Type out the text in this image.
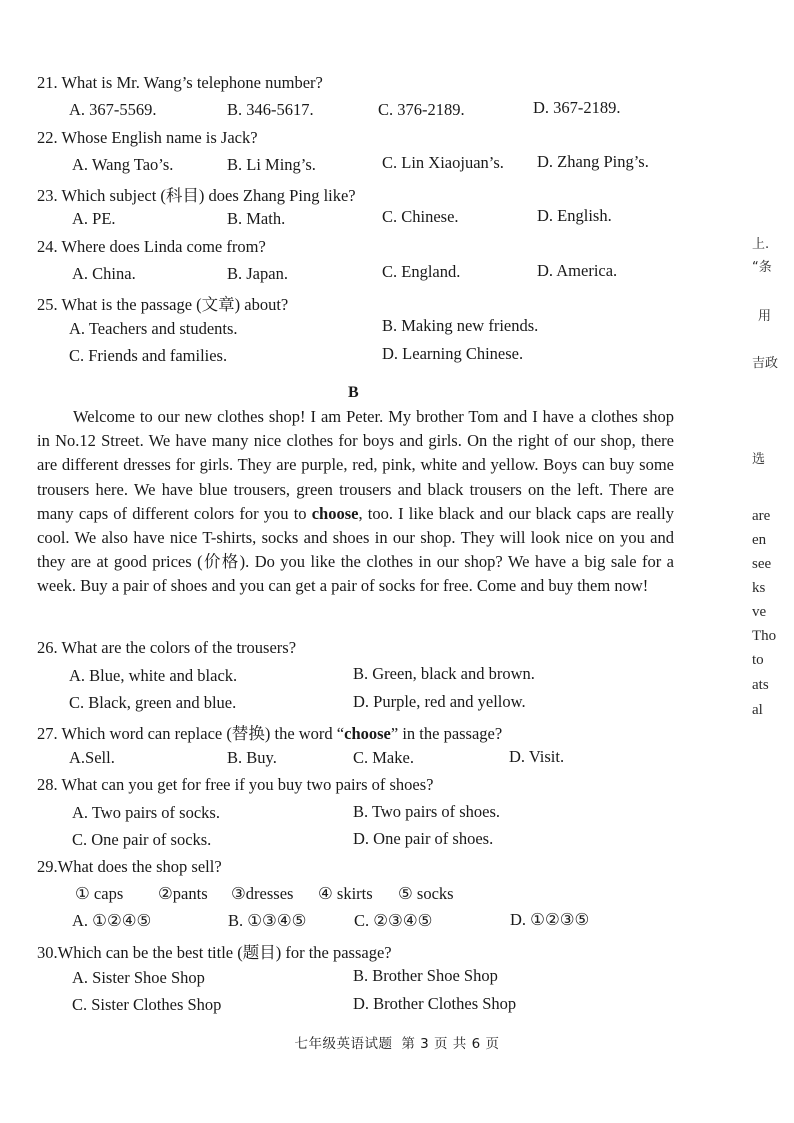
21. What is Mr. Wang’s telephone number?
A. 367-5569.	B. 346-5617.	C. 376-2189.	D. 367-2189.
22. Whose English name is Jack?
A. Wang Tao’s.	B. Li Ming’s.	C. Lin Xiaojuan’s. D. Zhang Ping’s.
23. Which subject (科目) does Zhang Ping like?
A. PE.	B. Math.	C. Chinese.	D. English.
24. Where does Linda come from?
A. China.	B. Japan.	C. England.	D. America.
25. What is the passage (文章) about?
A. Teachers and students.	B. Making new friends.
C. Friends and families.	D. Learning Chinese.
B
Welcome to our new clothes shop! I am Peter. My brother Tom and I have a clothes shop in No.12 Street. We have many nice clothes for boys and girls. On the right of our shop, there are different dresses for girls. They are purple, red, pink, white and yellow. Boys can buy some trousers here. We have blue trousers, green trousers and black trousers on the left. There are many caps of different colors for you to choose, too. I like black and our black caps are really cool. We also have nice T-shirts, socks and shoes in our shop. They will look nice on you and they are at good prices (价格). Do you like the clothes in our shop? We have a big sale for a week. Buy a pair of shoes and you can get a pair of socks for free. Come and buy them now!
26. What are the colors of the trousers?
A. Blue, white and black.	B. Green, black and brown.
C. Black, green and blue.	D. Purple, red and yellow.
27. Which word can replace (替换) the word “choose” in the passage?
A.Sell.	B. Buy.	C. Make.	D. Visit.
28. What can you get for free if you buy two pairs of shoes?
A. Two pairs of socks.	B. Two pairs of shoes.
C. One pair of socks.	D. One pair of shoes.
29.What does the shop sell?
① caps ②pants ③dresses ④ skirts ⑤ socks
A. ①②④⑤	B. ①③④⑤	C. ②③④⑤	D. ①②③⑤
30.Which can be the best title (题目) for the passage?
A. Sister Shoe Shop	B. Brother Shoe Shop
C. Sister Clothes Shop	D. Brother Clothes Shop
七年级英语试题 第 3 页 共 6 页
上.
“条
用
吉政
选
are
en
see
ks
ve
Tho
to
ats
al
